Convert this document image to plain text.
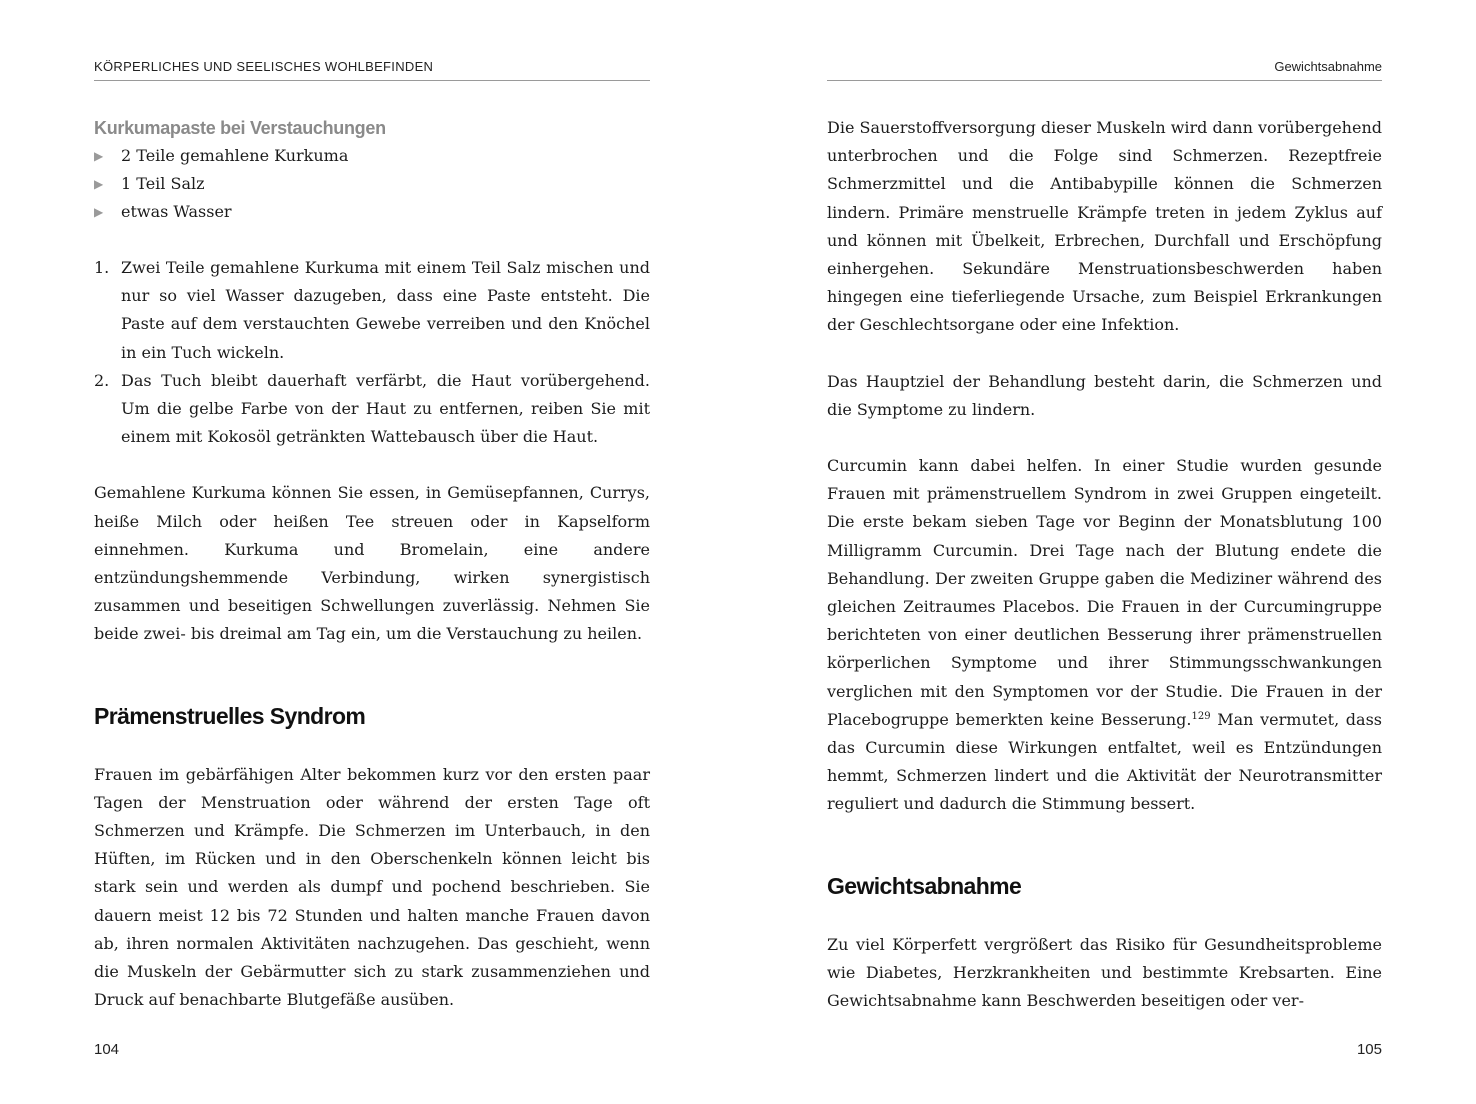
KÖRPERLICHES UND SEELISCHES WOHLBEFINDEN
Kurkumapaste bei Verstauchungen
▶ 2 Teile gemahlene Kurkuma
▶ 1 Teil Salz
▶ etwas Wasser
1. Zwei Teile gemahlene Kurkuma mit einem Teil Salz mischen und nur so viel Wasser dazugeben, dass eine Paste entsteht. Die Paste auf dem verstauchten Gewebe verreiben und den Knöchel in ein Tuch wickeln.
2. Das Tuch bleibt dauerhaft verfärbt, die Haut vorübergehend. Um die gelbe Farbe von der Haut zu entfernen, reiben Sie mit einem mit Kokosöl getränkten Wattebausch über die Haut.

Gemahlene Kurkuma können Sie essen, in Gemüsepfannen, Currys, heiße Milch oder heißen Tee streuen oder in Kapselform einnehmen. Kurkuma und Bromelain, eine andere entzündungshemmende Verbindung, wirken synergistisch zusammen und beseitigen Schwellungen zuverlässig. Nehmen Sie beide zwei- bis dreimal am Tag ein, um die Verstauchung zu heilen.

Prämenstruelles Syndrom

Frauen im gebärfähigen Alter bekommen kurz vor den ersten paar Tagen der Menstruation oder während der ersten Tage oft Schmerzen und Krämpfe. Die Schmerzen im Unterbauch, in den Hüften, im Rücken und in den Oberschenkeln können leicht bis stark sein und werden als dumpf und pochend beschrieben. Sie dauern meist 12 bis 72 Stunden und halten manche Frauen davon ab, ihren normalen Aktivitäten nachzugehen. Das geschieht, wenn die Muskeln der Gebärmutter sich zu stark zusammenziehen und Druck auf benachbarte Blutgefäße ausüben.

104
Gewichtsabnahme

Die Sauerstoffversorgung dieser Muskeln wird dann vorübergehend unterbrochen und die Folge sind Schmerzen. Rezeptfreie Schmerzmittel und die Antibabypille können die Schmerzen lindern. Primäre menstruelle Krämpfe treten in jedem Zyklus auf und können mit Übelkeit, Erbrechen, Durchfall und Erschöpfung einhergehen. Sekundäre Menstruationsbeschwerden haben hingegen eine tieferliegende Ursache, zum Beispiel Erkrankungen der Geschlechtsorgane oder eine Infektion.

Das Hauptziel der Behandlung besteht darin, die Schmerzen und die Symptome zu lindern.

Curcumin kann dabei helfen. In einer Studie wurden gesunde Frauen mit prämenstruellem Syndrom in zwei Gruppen eingeteilt. Die erste bekam sieben Tage vor Beginn der Monatsblutung 100 Milligramm Curcumin. Drei Tage nach der Blutung endete die Behandlung. Der zweiten Gruppe gaben die Mediziner während des gleichen Zeitraumes Placebos. Die Frauen in der Curcumingruppe berichteten von einer deutlichen Besserung ihrer prämenstruellen körperlichen Symptome und ihrer Stimmungsschwankungen verglichen mit den Symptomen vor der Studie. Die Frauen in der Placebogruppe bemerkten keine Besserung.$^{129}$ Man vermutet, dass das Curcumin diese Wirkungen entfaltet, weil es Entzündungen hemmt, Schmerzen lindert und die Aktivität der Neurotransmitter reguliert und dadurch die Stimmung bessert.

Gewichtsabnahme

Zu viel Körperfett vergrößert das Risiko für Gesundheitsprobleme wie Diabetes, Herzkrankheiten und bestimmte Krebsarten. Eine Gewichtsabnahme kann Beschwerden beseitigen oder ver-

105
